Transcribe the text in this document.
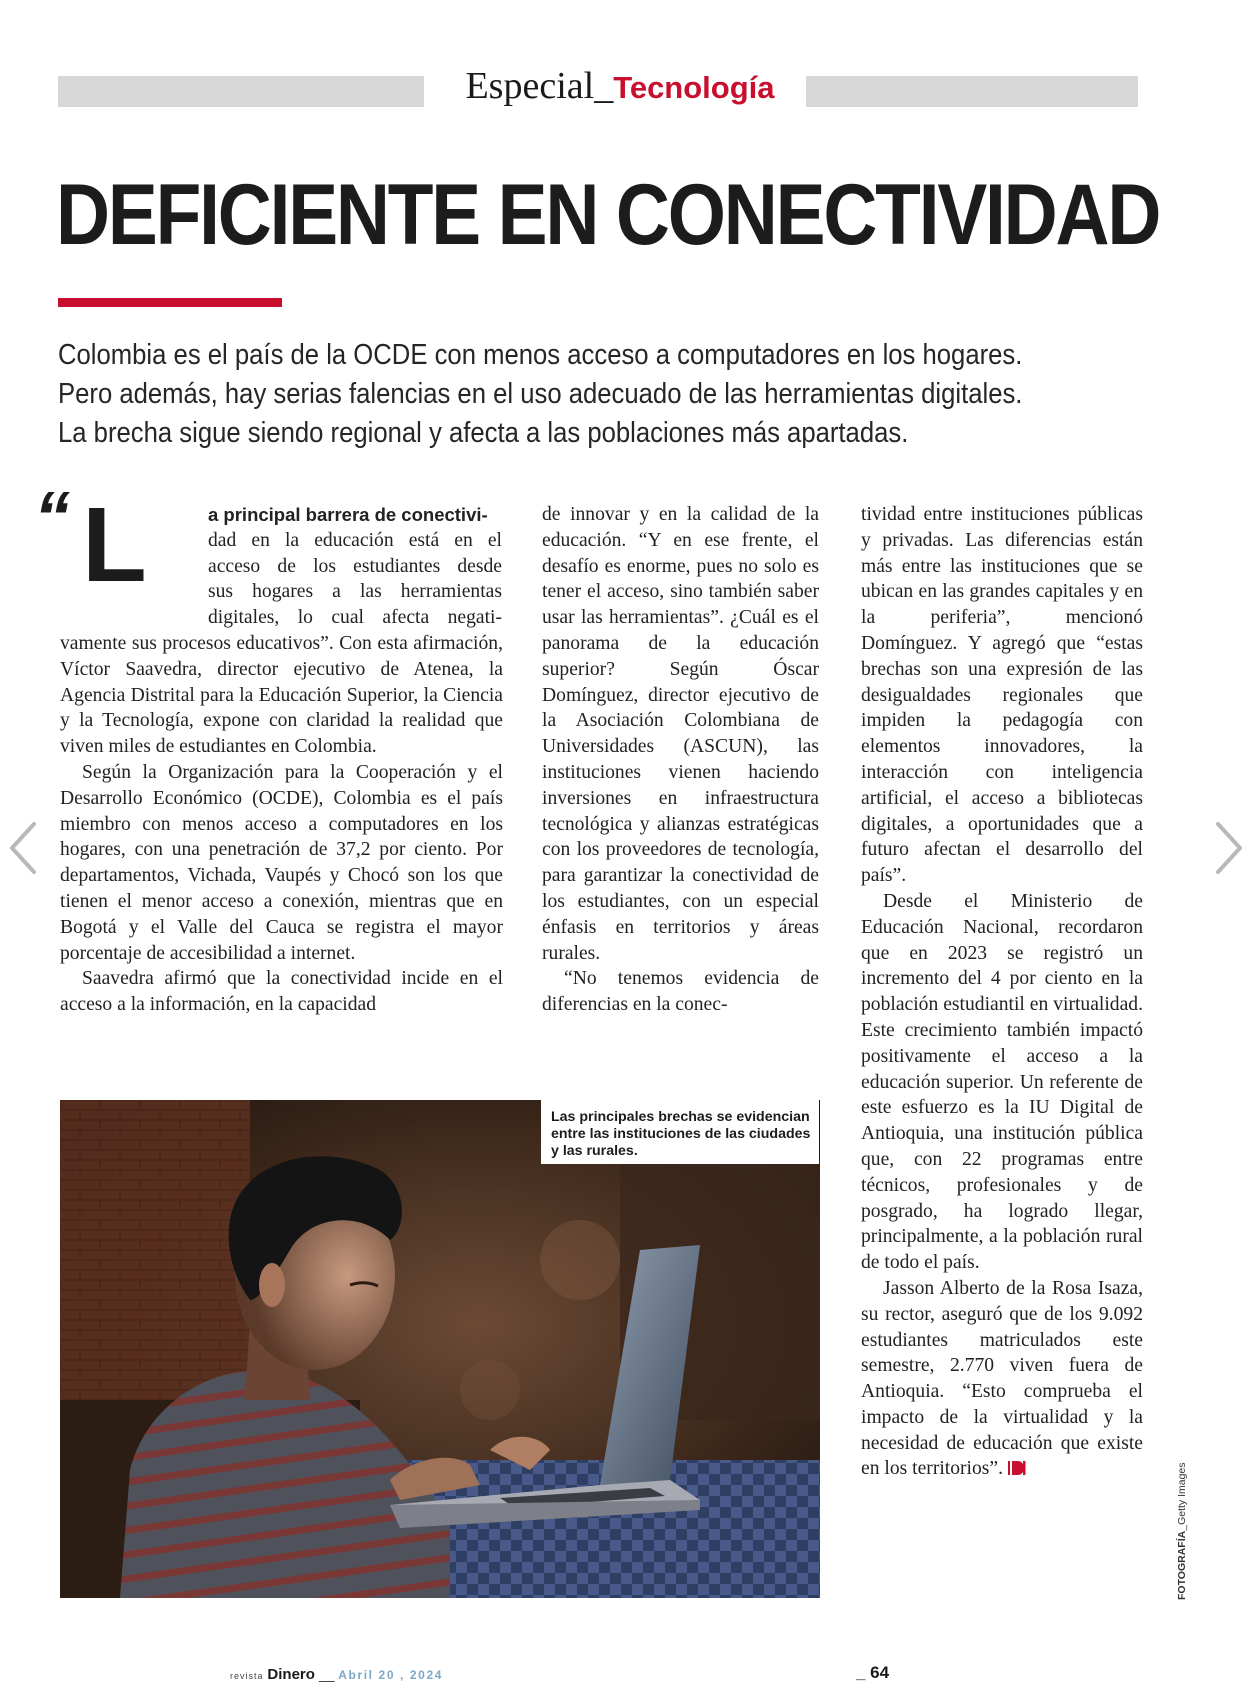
Especial_Tecnología
DEFICIENTE EN CONECTIVIDAD
Colombia es el país de la OCDE con menos acceso a computadores en los hogares.
Pero además, hay serias falencias en el uso adecuado de las herramientas digitales.
La brecha sigue siendo regional y afecta a las poblaciones más apartadas.
“ L	a principal barrera de conectivi-
dad en la educación está en el
acceso de los estudiantes desde
sus hogares a las herramientas
digitales, lo cual afecta negati-

vamente sus procesos educativos”. Con esta afirmación, Víctor Saavedra, director ejecutivo de Atenea, la Agencia Distrital para la Educación Superior, la Ciencia y la Tecnología, expone con claridad la realidad que viven miles de estudiantes en Colombia.

Según la Organización para la Cooperación y el Desarrollo Económico (OCDE), Colombia es el país miembro con menos acceso a computadores en los hogares, con una penetración de 37,2 por ciento. Por departamentos, Vichada, Vaupés y Chocó son los que tienen el menor acceso a conexión, mientras que en Bogotá y el Valle del Cauca se registra el mayor porcentaje de accesibilidad a internet.

Saavedra afirmó que la conectividad incide en el acceso a la información, en la capacidad

de innovar y en la calidad de la educación. “Y en ese frente, el desafío es enorme, pues no solo es tener el acceso, sino también saber usar las herramientas”. ¿Cuál es el panorama de la educación superior? Según Óscar Domínguez, director ejecutivo de la Asociación Colombiana de Universidades (ASCUN), las instituciones vienen haciendo inversiones en infraestructura tecnológica y alianzas estratégicas con los proveedores de tecnología, para garantizar la conectividad de los estudiantes, con un especial énfasis en territorios y áreas rurales.

“No tenemos evidencia de diferencias en la conec-

tividad entre instituciones públicas y privadas. Las diferencias están más entre las instituciones que se ubican en las grandes capitales y en la periferia”, mencionó Domínguez. Y agregó que “estas brechas son una expresión de las desigualdades regionales que impiden la pedagogía con elementos innovadores, la interacción con inteligencia artificial, el acceso a bibliotecas digitales, a oportunidades que a futuro afectan el desarrollo del país”.

Desde el Ministerio de Educación Nacional, recordaron que en 2023 se registró un incremento del 4 por ciento en la población estudiantil en virtualidad. Este crecimiento también impactó positivamente el acceso a la educación superior. Un referente de este esfuerzo es la IU Digital de Antioquia, una institución pública que, con 22 programas entre técnicos, profesionales y de posgrado, ha logrado llegar, principalmente, a la población rural de todo el país.

Jasson Alberto de la Rosa Isaza, su rector, aseguró que de los 9.092 estudiantes matriculados este semestre, 2.770 viven fuera de Antioquia. “Esto comprueba el impacto de la virtualidad y la necesidad de educación que existe en los territorios”.

Las principales brechas se evidencian entre las instituciones de las ciudades y las rurales.
FOTOGRAFÍA_Getty Images
revista Dinero __ Abril 20 , 2024	_ 64
